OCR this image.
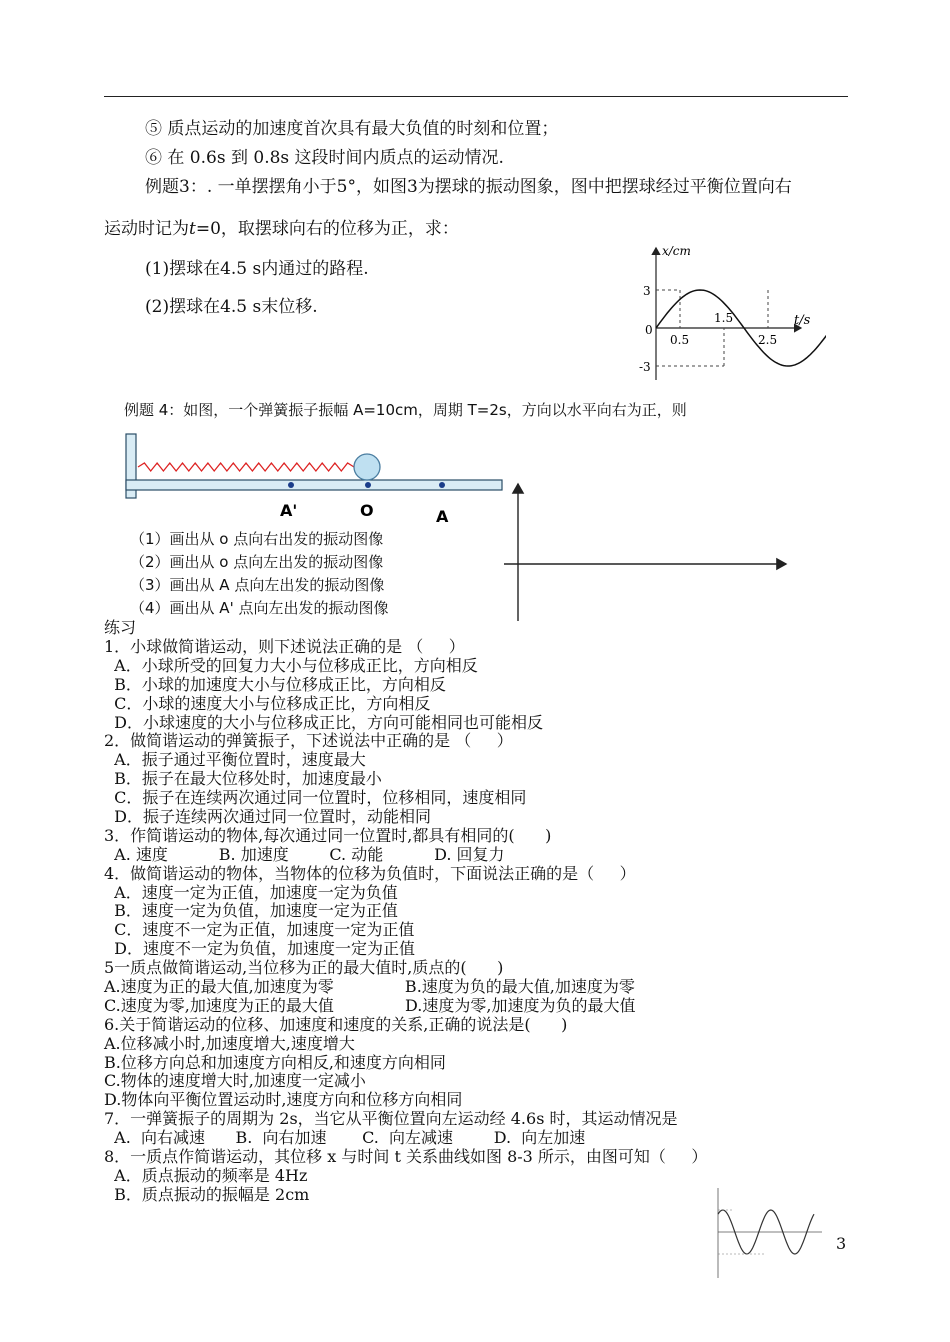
⑤ 质点运动的加速度首次具有最大负值的时刻和位置；
⑥ 在 0.6s 到 0.8s 这段时间内质点的运动情况.
例题3：. 一单摆摆角小于5°，如图3为摆球的振动图象，图中把摆球经过平衡位置向右
运动时记为t=0，取摆球向右的位移为正，求：
(1)摆球在4.5 s内通过的路程.
(2)摆球在4.5 s末位移.
x/cm
t/s
3
-3
0
0.5
1.5
2.5
例题 4：如图，一个弹簧振子振幅 A=10cm，周期 T=2s，方向以水平向右为正，则
A'	O	A
（1）画出从 o 点向右出发的振动图像
（2）画出从 o 点向左出发的振动图像
（3）画出从 A 点向左出发的振动图像
（4）画出从 A' 点向左出发的振动图像
练习
1．小球做简谐运动，则下述说法正确的是 （     ）
A．小球所受的回复力大小与位移成正比，方向相反
B．小球的加速度大小与位移成正比，方向相反
C．小球的速度大小与位移成正比，方向相反
D．小球速度的大小与位移成正比，方向可能相同也可能相反
2．做简谐运动的弹簧振子，下述说法中正确的是 （     ）
A．振子通过平衡位置时，速度最大
B．振子在最大位移处时，加速度最小
C．振子在连续两次通过同一位置时，位移相同，速度相同
D．振子连续两次通过同一位置时，动能相同
3．作简谐运动的物体,每次通过同一位置时,都具有相同的(      )
A. 速度          B. 加速度        C. 动能          D. 回复力
4．做简谐运动的物体，当物体的位移为负值时，下面说法正确的是（     ）
A．速度一定为正值，加速度一定为负值
B．速度一定为负值，加速度一定为正值
C．速度不一定为正值，加速度一定为正值
D．速度不一定为负值，加速度一定为正值
5一质点做简谐运动,当位移为正的最大值时,质点的(      )
A.速度为正的最大值,加速度为零              B.速度为负的最大值,加速度为零
C.速度为零,加速度为正的最大值              D.速度为零,加速度为负的最大值
6.关于简谐运动的位移、加速度和速度的关系,正确的说法是(      )
A.位移减小时,加速度增大,速度增大
B.位移方向总和加速度方向相反,和速度方向相同
C.物体的速度增大时,加速度一定减小
D.物体向平衡位置运动时,速度方向和位移方向相同
7．一弹簧振子的周期为 2s，当它从平衡位置向左运动经 4.6s 时，其运动情况是
A.  向右减速      B.  向右加速       C.  向左减速        D.  向左加速
8．一质点作简谐运动，其位移 x 与时间 t 关系曲线如图 8-3 所示，由图可知（     ）
A．质点振动的频率是 4Hz
B．质点振动的振幅是 2cm
3
